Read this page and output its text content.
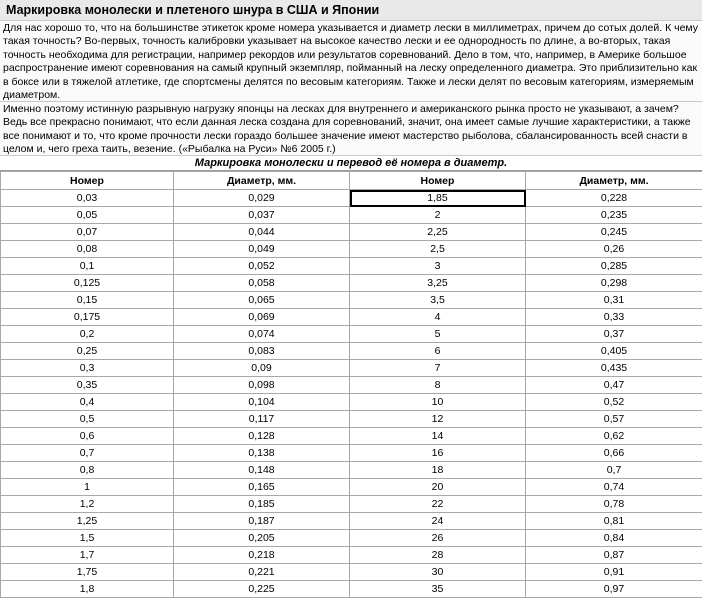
Маркировка монолески и плетеного шнура в США и Японии
Для нас хорошо то, что на большинстве этикеток кроме номера указывается и диаметр лески в миллиметрах, причем до сотых долей. К чему такая точность? Во-первых, точность калибровки указывает на высокое качество лески и ее однородность по длине, а во-вторых, такая точность необходима для регистрации, например рекордов или результатов соревнований. Дело в том, что, например, в Америке большое распространение имеют соревнования на самый крупный экземпляр, пойманный на леску определенного диаметра. Это приблизительно как в боксе или в тяжелой атлетике, где спортсмены делятся по весовым категориям. Также и лески делят по весовым категориям, измеряемым диаметром.
Именно поэтому истинную разрывную нагрузку японцы на лесках для внутреннего и американского рынка просто не указывают, а зачем? Ведь все прекрасно понимают, что если данная леска создана для соревнований, значит, она имеет самые лучшие характеристики, а также все понимают и то, что кроме прочности лески гораздо большее значение имеют мастерство рыболова, сбалансированность всей снасти в целом и, чего греха таить, везение. («Рыбалка на Руси» №6 2005 г.)
Маркировка монолески и перевод её номера в диаметр.
Номер	Диаметр, мм.	Номер	Диаметр, мм.
0,03	0,029	1,85	0,228
0,05	0,037	2	0,235
0,07	0,044	2,25	0,245
0,08	0,049	2,5	0,26
0,1	0,052	3	0,285
0,125	0,058	3,25	0,298
0,15	0,065	3,5	0,31
0,175	0,069	4	0,33
0,2	0,074	5	0,37
0,25	0,083	6	0,405
0,3	0,09	7	0,435
0,35	0,098	8	0,47
0,4	0,104	10	0,52
0,5	0,117	12	0,57
0,6	0,128	14	0,62
0,7	0,138	16	0,66
0,8	0,148	18	0,7
1	0,165	20	0,74
1,2	0,185	22	0,78
1,25	0,187	24	0,81
1,5	0,205	26	0,84
1,7	0,218	28	0,87
1,75	0,221	30	0,91
1,8	0,225	35	0,97
